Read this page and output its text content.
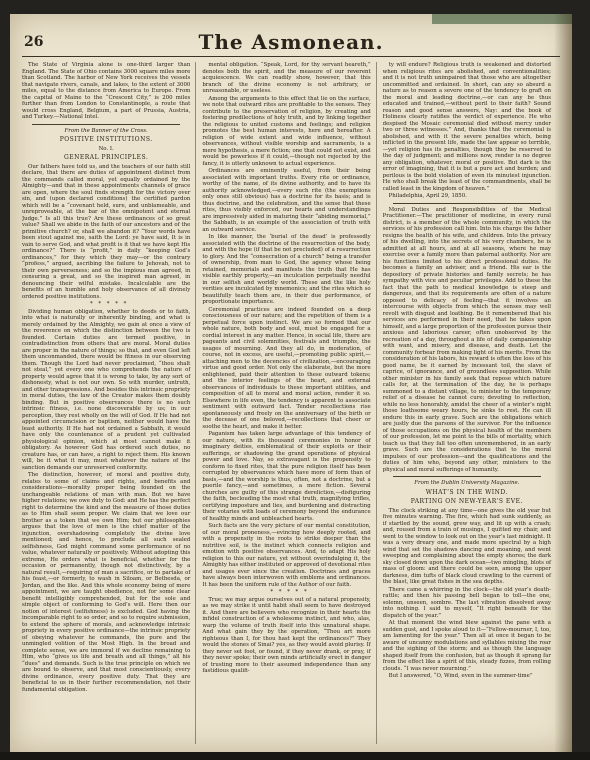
26	The Asmonean.

The State of Virginia alone is one-third larger than England. The State of Ohio contains 3000 square miles more than Scotland. The harbor of New York receives the vessels that navigate rivers, canals, and lakes, to the extent of 3000 miles, equal to the distance from America to Europe. From the capital of Maine to the “Crescent City,” is 200 miles further than from London to Constantinople, a route that would cross England, Belgium, a part of Prussia, Austria, and Turkey.—National Intel.

From the Banner of the Cross.

POSITIVE INSTITUTIONS.

No. I.

GENERAL PRINCIPLES.

Our fathers have told us, and the teachers of our faith still declare, that there are duties of appointment distinct from the commands called moral, yet equally ordained by the Almighty—and that in these appointments channels of grace are open, where the soul finds strength for the victory over sin, and (upon declared conditions) the certified pardon which will be a “covenant held, sure, and unblameable, and unreproveable, at the bar of the omnipotent and eternal Judge.” Is all this true? Are these ordinances of so great value? Shall we abide in the faith of our ancestors and of the primitive church? or, shall we abandon it? “Your words have been stout against me, saith the Lord: ye have said, It is in vain to serve God, and what profit is it that we have kept His ordinance?” There is “profit,” in daily “keeping God’s ordinances,” for they which they may—or the contrary “profess,” argued, ascribing the failure to Jehovah, not to their own perverseness; and so the impious man agreed, in censuring a great, and so the inspired man agreed, in denouncing their wilful mistake. Incalculable are the benefits of an humble and holy observance of all divinely ordered positive institutions.

* * * * *

Dividing human obligation, whether to deeds or to faith, into what is naturally or inherently binding, and what is merely ordained by the Almighty, we gain at once a view of the reverence on which the distinction between the two is founded. Certain duties are termed positive, in contradistinction from others that are moral. Moral duties are proper in the nature of things; so that, and even God left them unconmanded, there would be fitness in our observing them. Though the Lord had never proclaimed, “thou shalt not steal,” yet every one who comprehends the nature of property would agree that it is wrong to take, by any sort of dishonesty, what is not our own. So with murder, untruth, and other transgressions. And besides this intrinsic propriety in moral duties, the law of the Creator makes them doubly binding. But in positive observances there is no such intrinsic fitness, i.e. none discoverable by us; in our perception, they rest wholly on the will of God. If He had not appointed circumcision or baptism, neither would have the least authority. If He had not ordained a Sabbath, it would have only the countenance of a prudent yet cultivated physiological opinion, which at most cannot make it obligatory. As however God has ordered such duties, no creature has, or can have, a right to reject them. His known will, be it what it may, must whatever the nature of the sanction demands our unreserved conformity.

The distinction, however, of moral and positive duty, relates to some of claims and rights, and benefits and considerations—morality proper being founded on the unchangeable relations of man with man. But we have higher relations; we owe duty to God: and He has the perfect right to determine the kind and the measure of those duties as to Him shall seem proper. We claim that we love our brother as a token that we own Him; but our philosophies argues that the love of men is the chief matter of the injunction, overshadowing completely the divine love mentioned; and hence, to preclude all such sealed selfishness, God might command some performance of no value, whatever naturally or positively. Without adopting this extreme, He orders what is beneficial, whether for the occasion or permanently, though not distinctively, by a natural result,—requiring of man a sacrifice, or to partake of his feast,—or formerly, to wash in Siloam, or Bethesda, or Jordan, and the like. And this whole economy being of mere appointment, we are taught obedience, not for some clear benefit intelligibly comprehended, but for the sole and simple object of conforming to God’s will. Here then our notion of interest (selfishness) is excluded. God having the incomparable right to so order, and so to require submission, to extend the sphere of morals, and acknowledge intrinsic propriety in every positive ordinance—the intrinsic propriety of obeying whatever he commands, the pure and the unmingled volition of the Most High. In the broad and complete sense, we are immoral if we decline remaining to Him, who “gives us life and breath and all things,” all his “dues” and demands. Such is the true principle on which we are bound to observe, and that most conscientiously, every divine ordinance, every positive duty. That they are beneficial to us in their further recommendation, not their fundamental obligation.

mental obligation. “Speak, Lord, for thy servant heareth,” denotes both the spirit, and the measure of our reverent acquiescence. We can readily show, however, that this branch of the divine economy is not arbitrary, or unreasonable, or useless.

Among the arguments to this effect that lie on the surface, we note that outward rites are profitable to the senses. They contribute to the preservation of religion, by creating and fostering predilections of holy truth, and by linking together the religious to united customs and feelings; and religion promotes the best human interests, here and hereafter. A religion of wide extent and wide influence, without observances, without visible worship and sacraments, is a mere hypothesis, a mere fiction; one that could not exist, and would be powerless if it could,—though not rejected by the fancy, it is utterly unknown to actual experience.

Ordinances are eminently useful, from their being associated with important truths. Every rite or ordinance, worthy of the name, of its divine authority, and to have its authority acknowledged,—every such rite (the exemptions only ones still obvious) has a doctrine for its basis; and is thus doctrine, and the celebration, and the sense that these rites, thus visibly enforced, our hearts and understandings are impressively aided in maturing their “abiding memorial,” the Sabbath, is an example of the association of truth with an outward service.

In like manner, the ‘burial of the dead’ is professedly associated with the doctrine of the resurrection of the body, and with the hope (if that be not precluded) of a resurrection to glory. And the “consecration of a church” being a transfer of ownership, from man to God, the agency whose being retained, memorials and manifests the truth that He has visible earthly property,—an inculcation perpetually needful in our selfish and worldly world. These and the like holy verities are inculcated by mnemonics; and the rites which so beautifully teach them are, in their due performance, of proportionate importance.

Ceremonial practices are indeed founded on a deep consciousness of our nature; and the repetition of them is a perpetual force upon instinct. We are so formed that our whole nature, both body and soul, must be engaged for a cordial interest in any matter. Hence, in social life, there are pageants and civil solemnities, festivals and triumphs, the usages of mourning. And they all do, in moderation, of course, not in excess, are useful,—promoting public spirit,—attaching men to the decencies of civilization,—encouraging virtue and good order. Not only the elaborate, but the more enlightened, paid their attention to these outward tokens; and the interior feelings of the heart, and external observances of individuals to these important utilities, and composition of all to moral and moral action, render it so. Elsewhere in life even, the tendency is apparent to associate sentiment with outward fact. Tender recollections rise spontaneously and freely on the anniversary of the birth or the decease of one beloved,—recollections that cheer or soothe the heart, and make it better.

Paganism has taken large advantage of this tendency of our nature, with its thousand ceremonies in honor of imaginary deities, emblematical of their exploits or their sufferings, or shadowing the grand operations of physical power and love. Nay, so extravagant is the propensity to conform to fixed rites, that the pure religion itself has been corrupted by observances which have more of form than of basis,—and the worship is thus, often, not a doctrine, but a puerile fancy,—and sometimes, a mere fiction. Several churches are guilty of this strange dereliction,—disfiguring the faith, beclouding the most vital truth, magnifying trifles, certifying imposture and lies, and burdening and distracting their votaries with loads of ceremony beyond the endurance of healthy minds and unbleached hearts.

Such facts are the very picture of our mental constitution, of our moral proneness,—evincing how deeply rooted, and with a propensity in the roots to strike deeper than the nutritive soil, is the instinct which connects religion and emotion with positive observances. And, to adapt His holy religion to this our nature, yet without overindulging it, the Almighty has either instituted or approved of devotional rites and usages ever since the creation. Doctrines and graces have always been interwoven with emblems and ordinances. It has been the uniform rule of the Author of our faith.

* * * * *

True; we may argue ourselves out of a natural propensity, as we may strike it until habit shall seem to have destroyed it. And there are believers who recognize in their hearts the infidel construction of a wholesome instinct, and who, alas, warp the volume of truth itself into this unnatural shape. And what gain they by the operation, “Thou art more righteous than I, for thou hast kept the ordinances?” They would the stones of Sinai? yes, as they would avoid plurisy. If they never set foot, or found, if they never drank, or pray, if they never spoke; their own minds artificially erect in danger of trusting more to their assumed independence than any fastidious qualifi-

ty will endure? Religious truth is weakened and distorted when religious rites are abolished, and conventionalities; and it is not truth unimpaired that those who are altogether uncommitted and ordained. In short, can any so absurd a nature as to reason a severe one of the tendency to graft on the moral and leading doctrine,—or can any be thus educated and trained,—without peril to their faith? Sound reason and good sense answers, Nay: and the book of Holiness clearly ratifies the verdict of experience. He who despised the Mosaic ceremonial died without mercy under two or three witnesses.” And, thanks that the ceremonial is abolished, and with it the severe penalties which, being inflicted in the present life, made the law appear so terrible,—yet religion has its penalties, though they be reserved to the day of judgment; and millions now, render is no degree any obligation, whatever, moral or positive. But dark is the error of imagining, that it is but a pure act and burden; and perilous is the bold violation of even its minutest injunction. He who shall break the least of the commandments, shall be called least in the kingdom of heaven.”

Philadelphia, April 29, 1850.

Moral Duties and Responsibilities of the Medical Practitioner.—The practitioner of medicine, in every rural district, is a member of the whole community, in which the services of his profession call him. Into his charge the father resigns the health of his wife, and children. Into the privacy of his dwelling, into the secrets of his very chambers, he is admitted at all hours, and at all seasons, where he may exercise over a family more than paternal authority. Nor are his functions limited to his direct professional duties. He becomes a family an adviser, and a friend. His ear is the depository of private histories and family secrets; he has sympathy with vice and peculiar privileges. Add to these the fact that the path to medical knowledge is steep and dangerous, and that its requirements are often of a nature opposed to delicacy of feeling—that it involves an intercourse with objects from which the senses may well revolt with disgust and loathing. Be it remembered that his services are performed in their need, that he takes upon himself, and a large proportion of the profession pursue their anxious and laborious career, often unobserved by the recreation of a day, throughout a life of daily companionship with want, and misery, and disease, and death. Let the community forbear from making light of his merits. From the consideration of his labors, his reward is often the loss of his good name, be it earned by incessant toil, the slave of caprice, of ignorance, and of groundless supposition. While other minister in his family seek that repose which nature calls for, at the termination of the day, he is perhaps summoned to a distant village, to minister to the temporary relief of a disease he cannot cure; devoting to reflection, while no less honorably, amidst the cheer of a winter’s night those loathsome weary hours, he sinks to rest. He can ill endure this in early grave. Such are the obligations which are justly due the parsons of the survivor. For the influence of those occupations on the physical health of the members of our profession, let me point to the bills of mortality, which teach us that they fall too often unremembered, in an early grave. Such are the considerations that to the moral impulses of our profession—and the qualifications and the duties of him who, beyond any other, ministers to the physical and moral sufferings of humanity.

From the Dublin University Magazine.

WHAT’S IN THE WIND.

PARTING ON NEW-YEAR’S EVE.

The clock striking at any time—one gives the old year but five minutes warning. The fire, which had sunk suddenly, as if startled by the sound, grew way, and lit up with a crash; and, roused from a train of musings, I quitted my chair, and went to the window to look out on the year’s last midnight. It was a very dreary one, and made more spectral by a high wind that set the shadows dancing and moaning, and went sweeping and complaining about the empty shores; the dark sky closed down upon the dark ocean—two mingling, blots of mass of gloom: and there could be seen, among the upper darkness, dim tufts of black cloud crawling to the current of the blast, like great fishes in the sea depths.

There came a whirring in the clock—the old year’s death-rattle; and then his passing bell began to toll—the one, solemn, unseen, sombre. The last vibration dissolved away into nothing. I said to myself, “It right beneath for the dispatch of the year.”

At that moment the wind blew against the pane with a sudden gust, and I spoke aloud to it—“Fellow-mourner, I, too, am lamenting for the year.” Then all at once it began to be aware of uncanny modulations and syllables mixing the roar and the sighing of the storm; and as though the language shaped itself from the confusion, but as though it sprang far from the effect like a spirit of this, steady fizzes, from rolling clouds. “I was never mourning.”

But I answered, “O, Wind, even in the summer-time”
